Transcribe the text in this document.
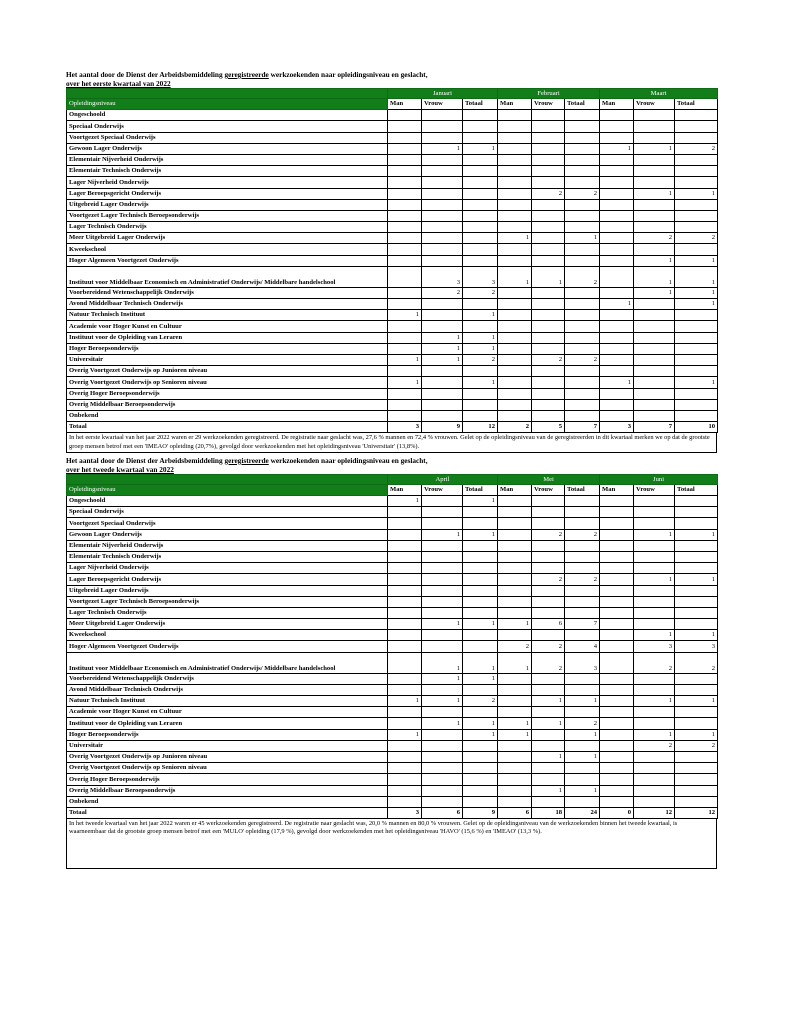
Het aantal door de Dienst der Arbeidsbemiddeling geregistreerde werkzoekenden naar opleidingsniveau en geslacht,
over het eerste kwartaal van 2022
	Januari			Februari			Maart		
Opleidingsniveau	Man	Vrouw	Totaal	Man	Vrouw	Totaal	Man	Vrouw	Totaal
Ongeschoold									
Speciaal Onderwijs									
Voortgezet Speciaal Onderwijs									
Gewoon Lager Onderwijs		1	1				1	1	2
Elementair Nijverheid Onderwijs									
Elementair Technisch Onderwijs									
Lager Nijverheid Onderwijs									
Lager Beroepsgericht Onderwijs					2	2		1	1
Uitgebreid Lager Onderwijs									
Voortgezet Lager Technisch Beroepsonderwijs									
Lager Technisch Onderwijs									
Meer Uitgebreid Lager Onderwijs				1		1		2	2
Kweekschool									
Hoger Algemeen Voortgezet Onderwijs								1	1
Instituut voor Middelbaar Economisch en Administratief Onderwijs/ Middelbare handelschool		3	3	1	1	2		1	1
Voorbereidend Wetenschappelijk Onderwijs		2	2					1	1
Avond Middelbaar Technisch Onderwijs							1		1
Natuur Technisch Instituut	1		1						
Academie voor Hoger Kunst en Cultuur									
Instituut voor de Opleiding van Leraren		1	1						
Hoger Beroepsonderwijs		1	1						
Universitair	1	1	2		2	2			
Overig Voortgezet Onderwijs op Junioren niveau									
Overig Voortgezet Onderwijs op Senioren niveau	1		1				1		1
Overig Hoger Beroepsonderwijs									
Overig Middelbaar Beroepsonderwijs									
Onbekend									
Totaal	3	9	12	2	5	7	3	7	10
In het eerste kwartaal van het jaar 2022 waren er 29 werkzoekenden geregistreerd. De registratie naar geslacht was, 27,6 % mannen en 72,4 % vrouwen. Gelet op de opleidingsniveau van de geregistreerden in dit kwartaal merken we op dat de grootste groep mensen betrof met een 'IMEAO' opleiding (20,7%), gevolgd door werkzoekenden met het opleidingsniveau 'Universitair' (13,8%).
Het aantal door de Dienst der Arbeidsbemiddeling geregistreerde werkzoekenden naar opleidingsniveau en geslacht,
over het tweede kwartaal van 2022
	April			Mei			Juni		
Opleidingsniveau	Man	Vrouw	Totaal	Man	Vrouw	Totaal	Man	Vrouw	Totaal
Ongeschoold	1		1						
Speciaal Onderwijs									
Voortgezet Speciaal Onderwijs									
Gewoon Lager Onderwijs		1	1		2	2		1	1
Elementair Nijverheid Onderwijs									
Elementair Technisch Onderwijs									
Lager Nijverheid Onderwijs									
Lager Beroepsgericht Onderwijs					2	2		1	1
Uitgebreid Lager Onderwijs									
Voortgezet Lager Technisch Beroepsonderwijs									
Lager Technisch Onderwijs									
Meer Uitgebreid Lager Onderwijs		1	1	1	6	7			
Kweekschool								1	1
Hoger Algemeen Voortgezet Onderwijs				2	2	4		3	3
Instituut voor Middelbaar Economisch en Administratief Onderwijs/ Middelbare handelschool		1	1	1	2	3		2	2
Voorbereidend Wetenschappelijk Onderwijs		1	1						
Avond Middelbaar Technisch Onderwijs									
Natuur Technisch Instituut	1	1	2		1	1		1	1
Academie voor Hoger Kunst en Cultuur									
Instituut voor de Opleiding van Leraren		1	1	1	1	2			
Hoger Beroepsonderwijs	1		1	1		1		1	1
Universitair								2	2
Overig Voortgezet Onderwijs op Junioren niveau					1	1			
Overig Voortgezet Onderwijs op Senioren niveau									
Overig Hoger Beroepsonderwijs									
Overig Middelbaar Beroepsonderwijs					1	1			
Onbekend									
Totaal	3	6	9	6	18	24	0	12	12
In het tweede kwartaal van het jaar 2022 waren er 45 werkzoekenden geregistreerd. De registratie naar geslacht was, 20,0 % mannen en 80,0 % vrouwen. Gelet op de opleidingsniveau van de werkzoekenden binnen het tweede kwartaal, is waarneembaar dat de grootste groep mensen betrof met een 'MULO' opleiding (17,9 %), gevolgd door werkzoekenden met het opleidingsniveau 'HAVO' (15,6 %) en 'IMEAO' (13,3 %).
